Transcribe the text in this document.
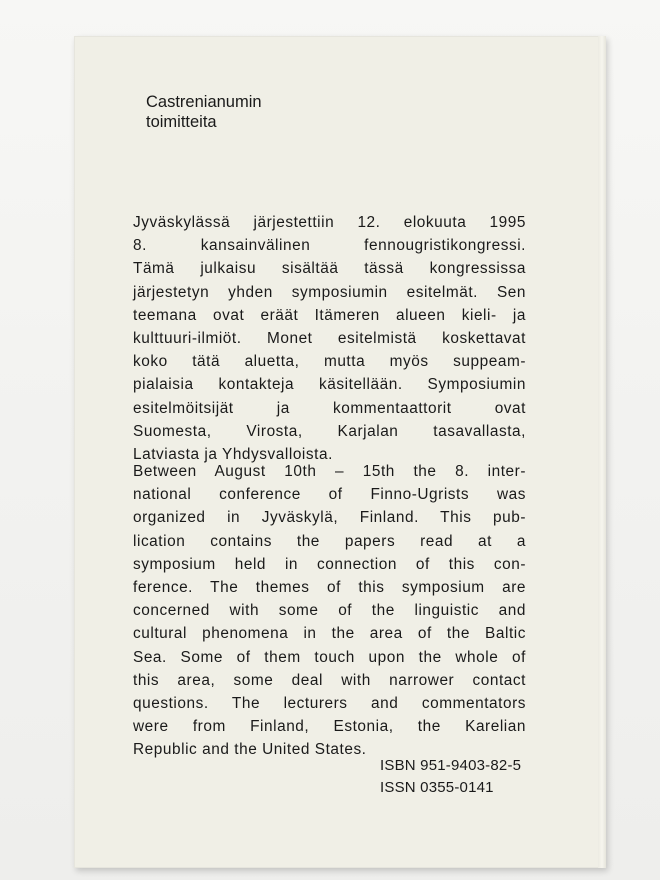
Castrenianumin
toimitteita
Jyväskylässä järjestettiin 12. elokuuta 1995
8. kansainvälinen fennougristikongressi.
Tämä julkaisu sisältää tässä kongressissa
järjestetyn yhden symposiumin esitelmät. Sen
teemana ovat eräät Itämeren alueen kieli- ja
kulttuuri-ilmiöt. Monet esitelmistä koskettavat
koko tätä aluetta, mutta myös suppeam-
pialaisia kontakteja käsitellään. Symposiumin
esitelmöitsijät ja kommentaattorit ovat
Suomesta, Virosta, Karjalan tasavallasta,
Latviasta ja Yhdysvalloista.
Between August 10th – 15th the 8. inter-
national conference of Finno-Ugrists was
organized in Jyväskylä, Finland. This pub-
lication contains the papers read at a
symposium held in connection of this con-
ference. The themes of this symposium are
concerned with some of the linguistic and
cultural phenomena in the area of the Baltic
Sea. Some of them touch upon the whole of
this area, some deal with narrower contact
questions. The lecturers and commentators
were from Finland, Estonia, the Karelian
Republic and the United States.
ISBN 951-9403-82-5
ISSN 0355-0141
